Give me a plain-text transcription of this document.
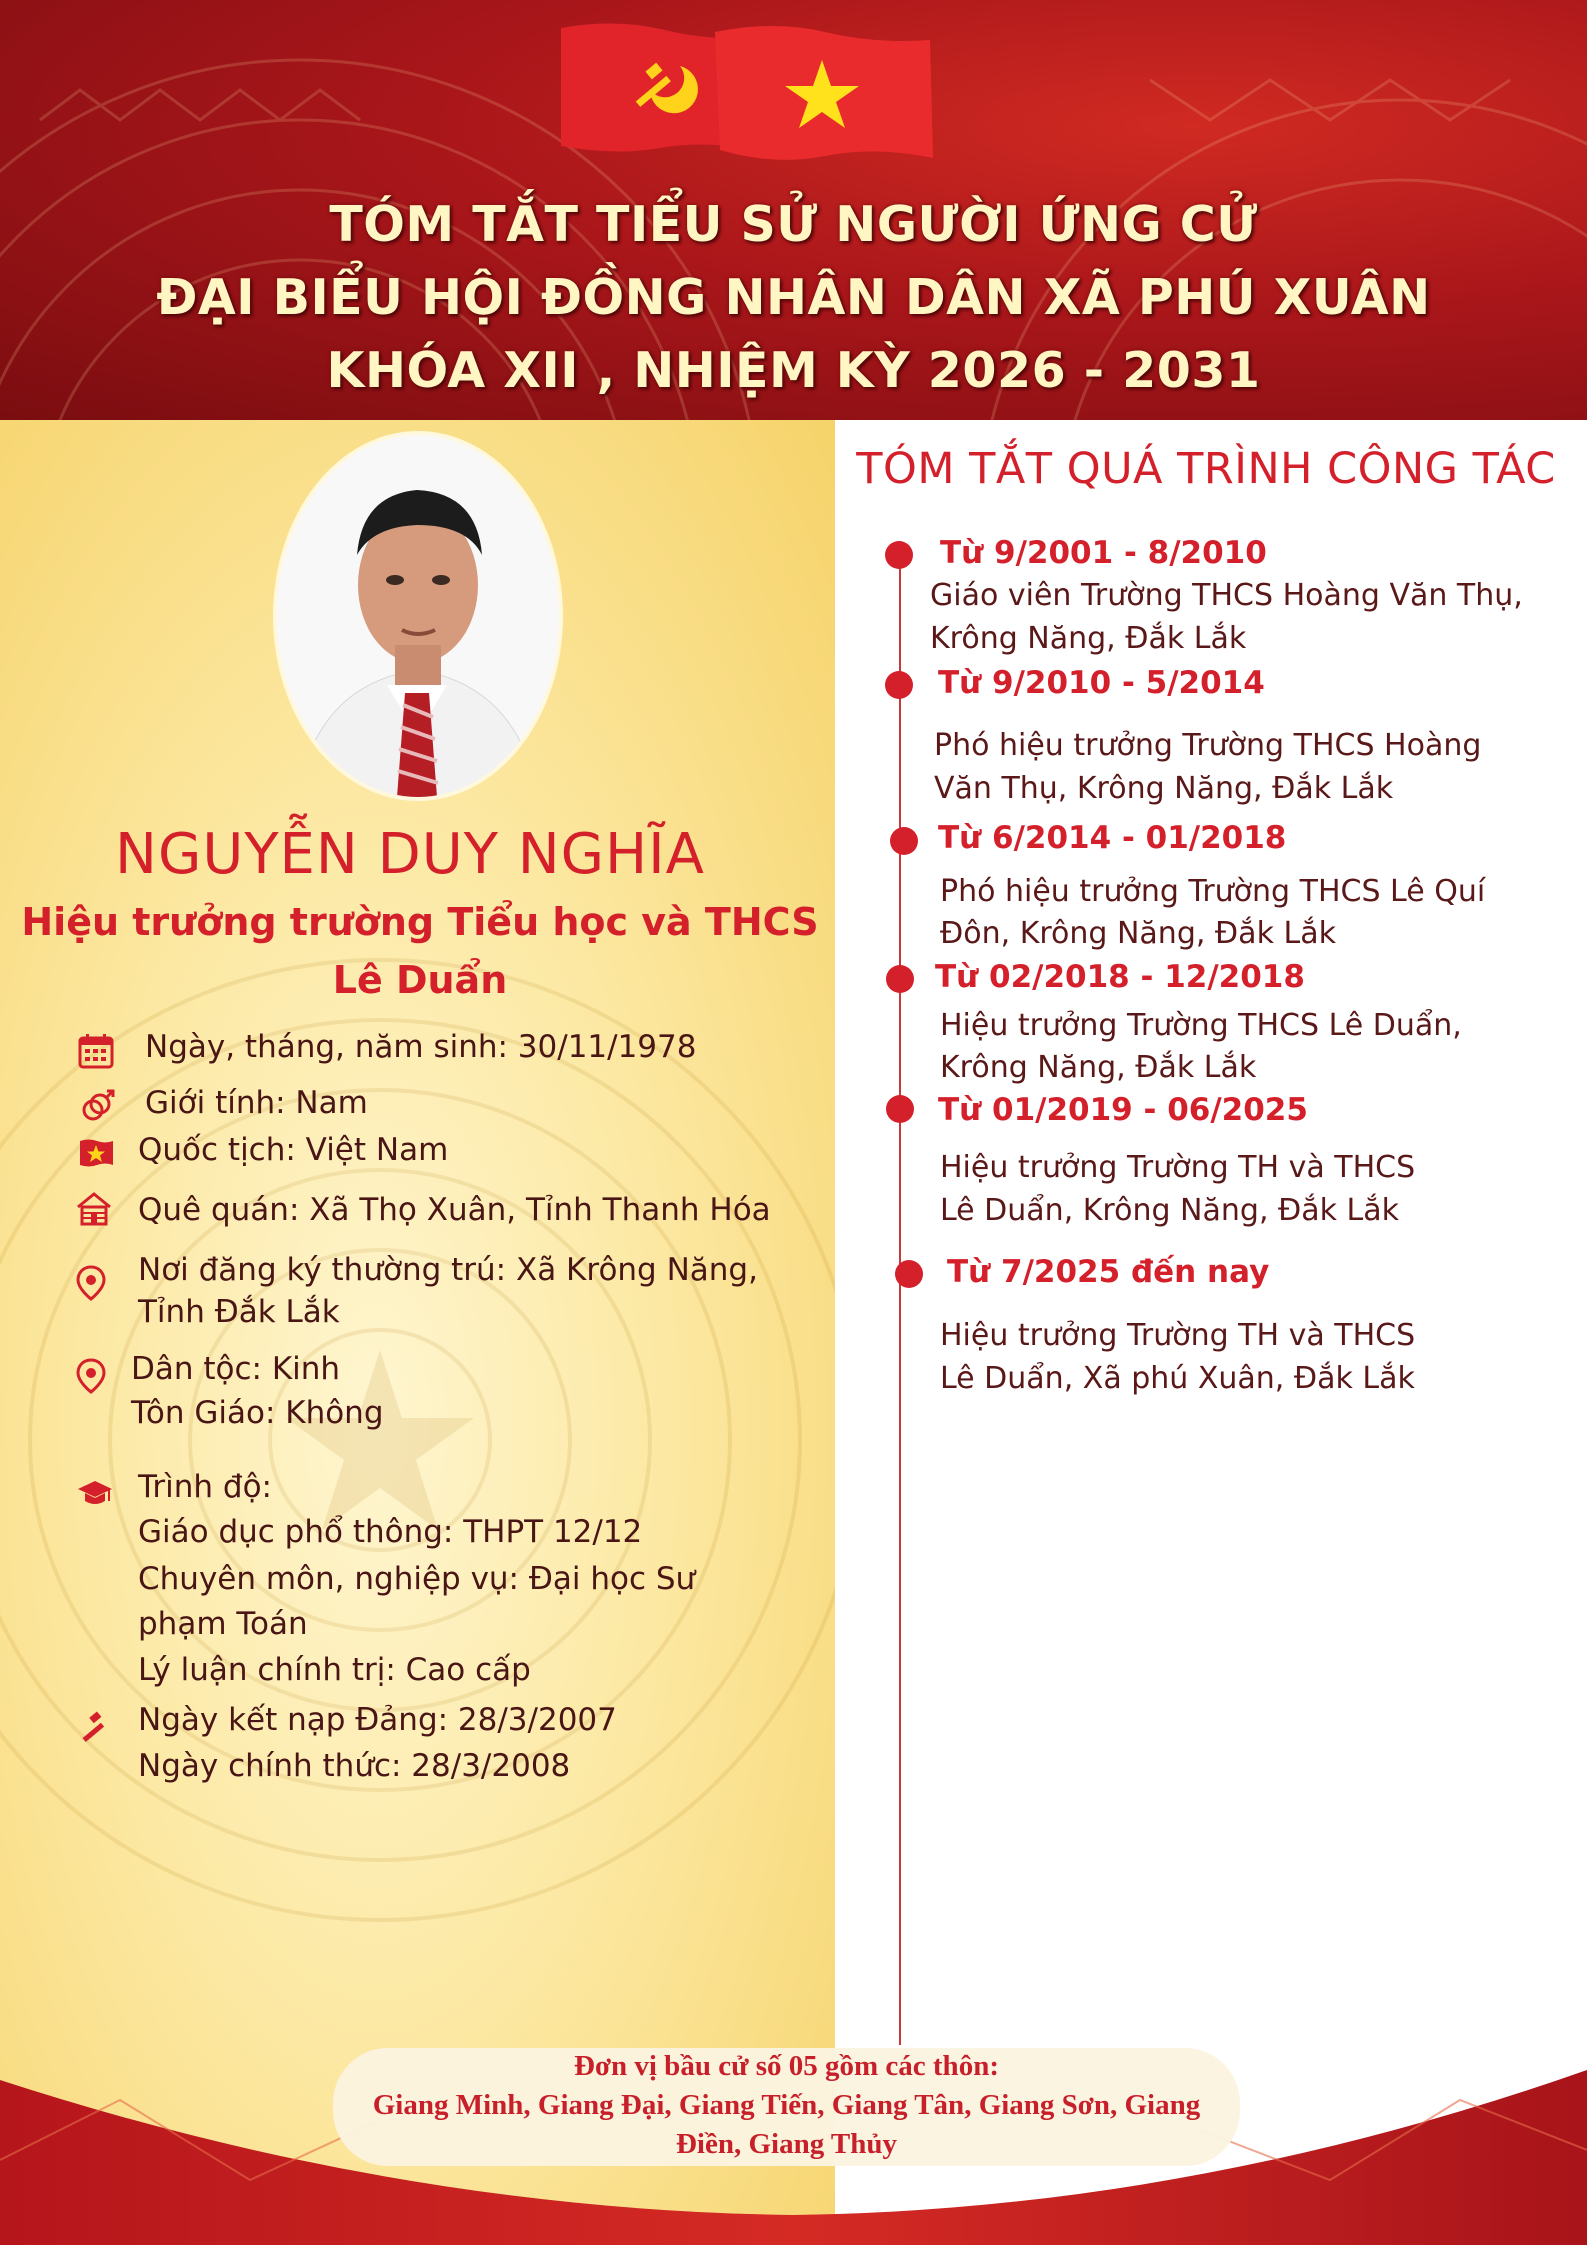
TÓM TẮT TIỂU SỬ NGƯỜI ỨNG CỬ
ĐẠI BIỂU HỘI ĐỒNG NHÂN DÂN XÃ PHÚ XUÂN
KHÓA XII , NHIỆM KỲ 2026 - 2031
NGUYỄN DUY NGHĨA
Hiệu trưởng trường Tiểu học và THCS
Lê Duẩn
Ngày, tháng, năm sinh: 30/11/1978
Giới tính: Nam
Quốc tịch: Việt Nam
Quê quán: Xã Thọ Xuân, Tỉnh Thanh Hóa
Nơi đăng ký thường trú: Xã Krông Năng,
Tỉnh Đắk Lắk
Dân tộc: Kinh
Tôn Giáo: Không
Trình độ:
Giáo dục phổ thông: THPT 12/12
Chuyên môn, nghiệp vụ: Đại học Sư
phạm Toán
Lý luận chính trị: Cao cấp
Ngày kết nạp Đảng: 28/3/2007
Ngày chính thức: 28/3/2008
TÓM TẮT QUÁ TRÌNH CÔNG TÁC
Từ 9/2001 - 8/2010
Giáo viên Trường THCS Hoàng Văn Thụ,
Krông Năng, Đắk Lắk
Từ 9/2010 - 5/2014
Phó hiệu trưởng Trường THCS Hoàng
Văn Thụ, Krông Năng, Đắk Lắk
Từ 6/2014 - 01/2018
Phó hiệu trưởng Trường THCS Lê Quí
Đôn, Krông Năng, Đắk Lắk
Từ 02/2018 - 12/2018
Hiệu trưởng Trường THCS Lê Duẩn,
Krông Năng, Đắk Lắk
Từ 01/2019 - 06/2025
Hiệu trưởng Trường TH và THCS
Lê Duẩn, Krông Năng, Đắk Lắk
Từ 7/2025 đến nay
Hiệu trưởng Trường TH và THCS
Lê Duẩn, Xã phú Xuân, Đắk Lắk
Đơn vị bầu cử số 05 gồm các thôn:
Giang Minh, Giang Đại, Giang Tiến, Giang Tân, Giang Sơn, Giang
Điền, Giang Thủy
